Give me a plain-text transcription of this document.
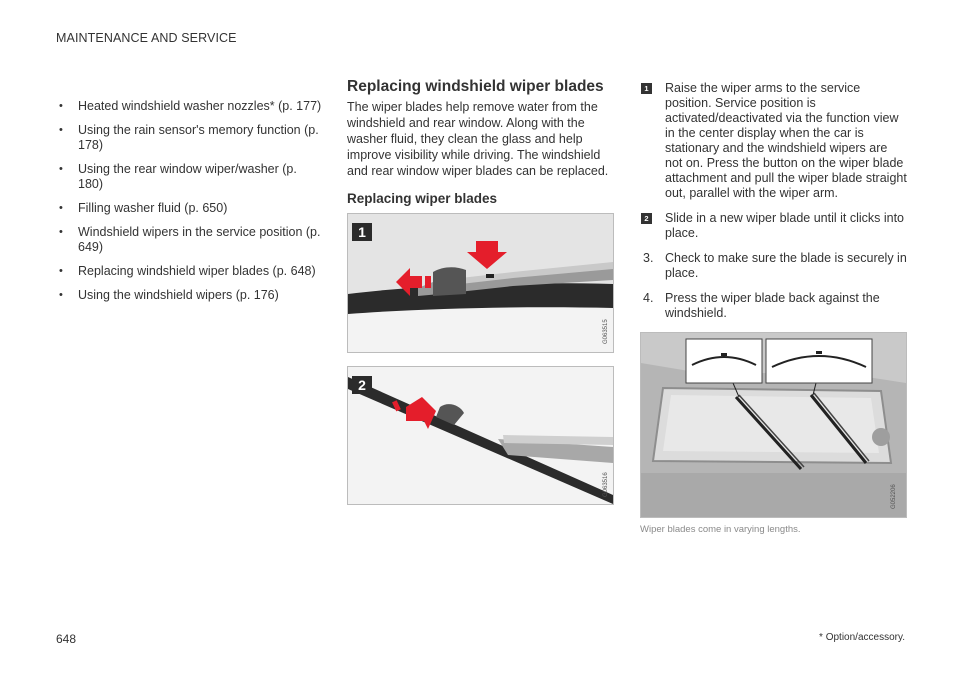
MAINTENANCE AND SERVICE
• Heated windshield washer nozzles* (p. 177)
• Using the rain sensor's memory function (p. 178)
• Using the rear window wiper/washer (p. 180)
• Filling washer fluid (p. 650)
• Windshield wipers in the service position (p. 649)
• Replacing windshield wiper blades (p. 648)
• Using the windshield wipers (p. 176)
Replacing windshield wiper blades

The wiper blades help remove water from the windshield and rear window. Along with the washer fluid, they clean the glass and help improve visibility while driving. The windshield and rear window wiper blades can be replaced.

Replacing wiper blades
1
G063515
2
G063516
1 Raise the wiper arms to the service position. Service position is activated/deactivated via the function view in the center display when the car is stationary and the windshield wipers are not on. Press the button on the wiper blade attachment and pull the wiper blade straight out, parallel with the wiper arm.
2 Slide in a new wiper blade until it clicks into place.
3. Check to make sure the blade is securely in place.
4. Press the wiper blade back against the windshield.
G052206
Wiper blades come in varying lengths.
* Option/accessory.
648
